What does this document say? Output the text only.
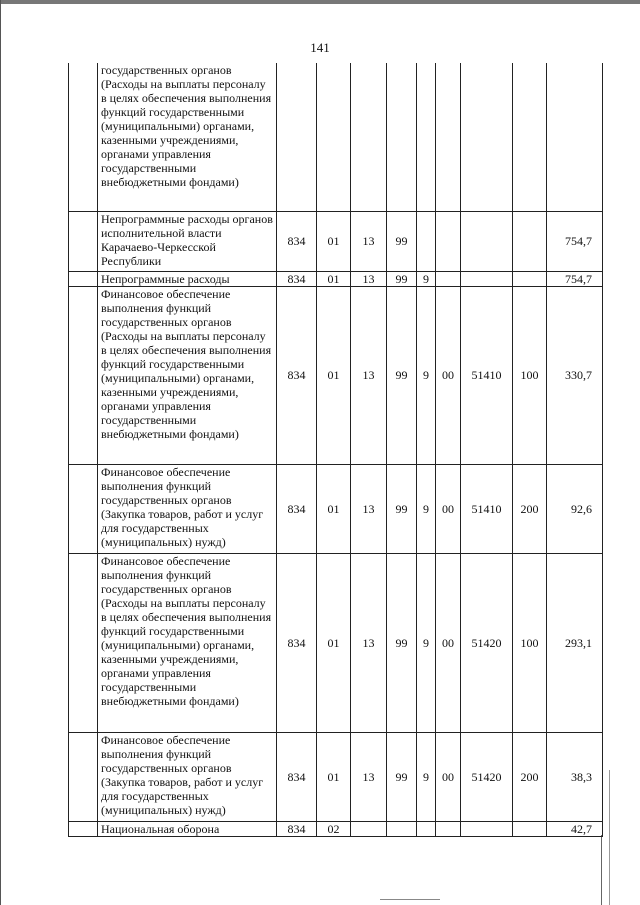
141
	государственных органов (Расходы на выплаты персоналу в целях обеспечения выполнения функций государственными (муниципальными) органами, казенными учреждениями, органами управления государственными внебюджетными фондами)									
	Непрограммные расходы органов исполнительной власти Карачаево-Черкесской Республики	834	01	13	99					754,7
	Непрограммные расходы	834	01	13	99	9				754,7
	Финансовое обеспечение выполнения функций государственных органов (Расходы на выплаты персоналу в целях обеспечения выполнения функций государственными (муниципальными) органами, казенными учреждениями, органами управления государственными внебюджетными фондами)	834	01	13	99	9	00	51410	100	330,7
	Финансовое обеспечение выполнения функций государственных органов (Закупка товаров, работ и услуг для государственных (муниципальных) нужд)	834	01	13	99	9	00	51410	200	92,6
	Финансовое обеспечение выполнения функций государственных органов (Расходы на выплаты персоналу в целях обеспечения выполнения функций государственными (муниципальными) органами, казенными учреждениями, органами управления государственными внебюджетными фондами)	834	01	13	99	9	00	51420	100	293,1
	Финансовое обеспечение выполнения функций государственных органов (Закупка товаров, работ и услуг для государственных (муниципальных) нужд)	834	01	13	99	9	00	51420	200	38,3
	Национальная оборона	834	02							42,7
